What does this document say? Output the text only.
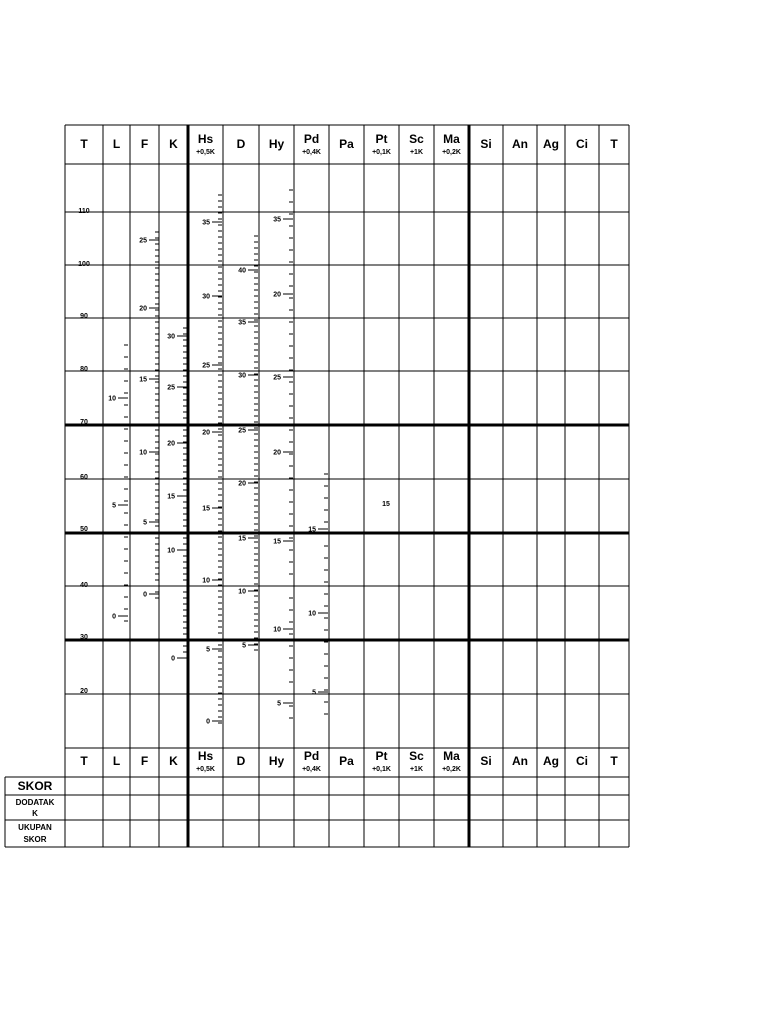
T L F K Hs
+0,5K
D Hy Pd
+0,4K
Pa Pt
+0,1K
Sc
+1K
Ma
+0,2K
Si An Ag Ci T
T L F K Hs
+0,5K
D Hy Pd
+0,4K
Pa Pt
+0,1K
Sc
+1K
Ma
+0,2K
Si An Ag Ci T
110
100
90
80
70
60
50
40
30
20
10
5
0
25
20
15
10
5
0
30
25
20
15
10
0
35
30
25
20
15
10
5
0
40
35
30
25
20
15
10
5
35
20
25
20
15
10
5
15
10
5
15
SKOR
DODATAK
K
UKUPAN
SKOR
